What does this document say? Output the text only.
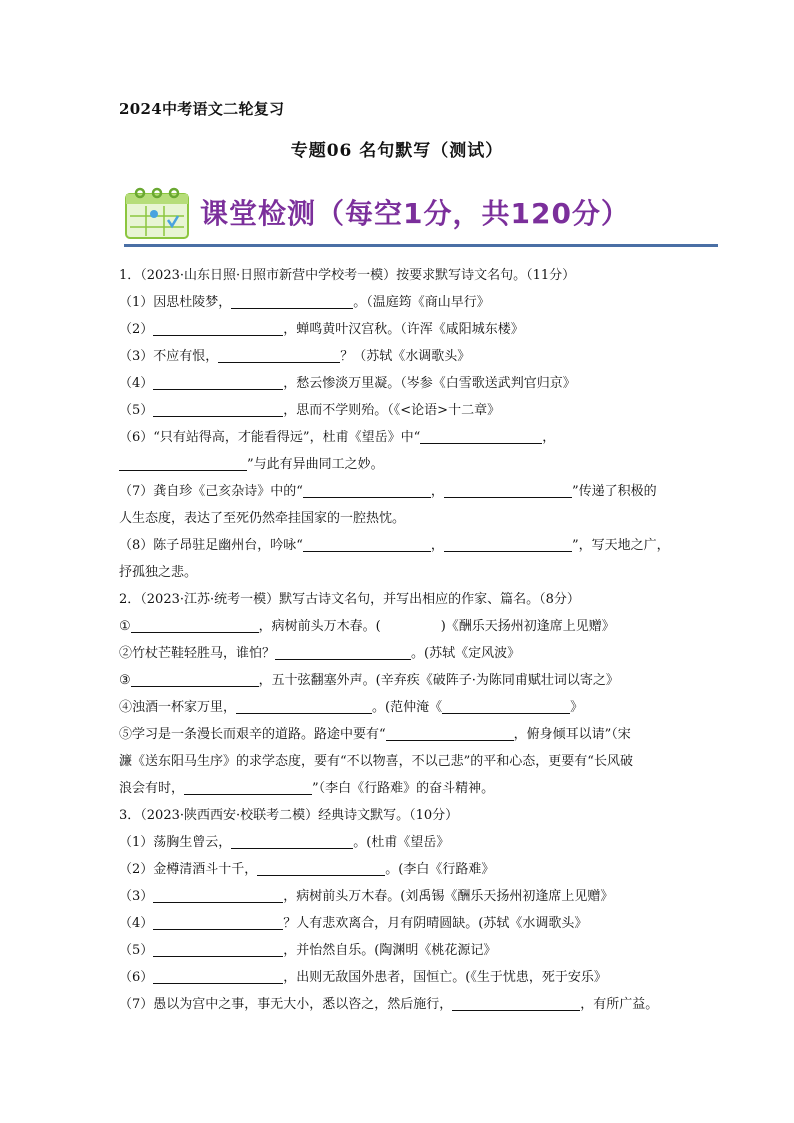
2024中考语文二轮复习
专题06 名句默写（测试）
课堂检测（每空1分，共120分）
1．（2023·山东日照·日照市新营中学校考一模）按要求默写诗文名句。（11分）
（1）因思杜陵梦，	。（温庭筠《商山早行》
（2）	，蝉鸣黄叶汉宫秋。（许浑《咸阳城东楼》
（3）不应有恨，	？（苏轼《水调歌头》
（4）	，愁云惨淡万里凝。（岑参《白雪歌送武判官归京》
（5）	，思而不学则殆。（《<论语>十二章》
（6）“只有站得高，才能看得远”，杜甫《望岳》中“	，
”与此有异曲同工之妙。
（7）龚自珍《己亥杂诗》中的“	，	”传递了积极的
人生态度，表达了至死仍然牵挂国家的一腔热忱。
（8）陈子昂驻足幽州台，吟咏“	，	”，写天地之广，
抒孤独之悲。
2．（2023·江苏·统考一模）默写古诗文名句，并写出相应的作家、篇名。（8分）
①	，病树前头万木春。(	)《酬乐天扬州初逢席上见赠》
②竹杖芒鞋轻胜马，谁怕？	。(苏轼《定风波》
③	，五十弦翻塞外声。(辛弃疾《破阵子·为陈同甫赋壮词以寄之》
④浊酒一杯家万里，	。(范仲淹《	》
⑤学习是一条漫长而艰辛的道路。路途中要有“	，俯身倾耳以请”（宋
濂《送东阳马生序》的求学态度，要有“不以物喜，不以己悲”的平和心态，更要有“长风破
浪会有时，	”（李白《行路难》的奋斗精神。
3．（2023·陕西西安·校联考二模）经典诗文默写。（10分）
（1）荡胸生曾云，	。(杜甫《望岳》
（2）金樽清酒斗十千，	。(李白《行路难》
（3）	，病树前头万木春。(刘禹锡《酬乐天扬州初逢席上见赠》
（4）	？人有悲欢离合，月有阴晴圆缺。(苏轼《水调歌头》
（5）	，并怡然自乐。(陶渊明《桃花源记》
（6）	，出则无敌国外患者，国恒亡。(《生于忧患，死于安乐》
（7）愚以为宫中之事，事无大小，悉以咨之，然后施行，	，有所广益。
